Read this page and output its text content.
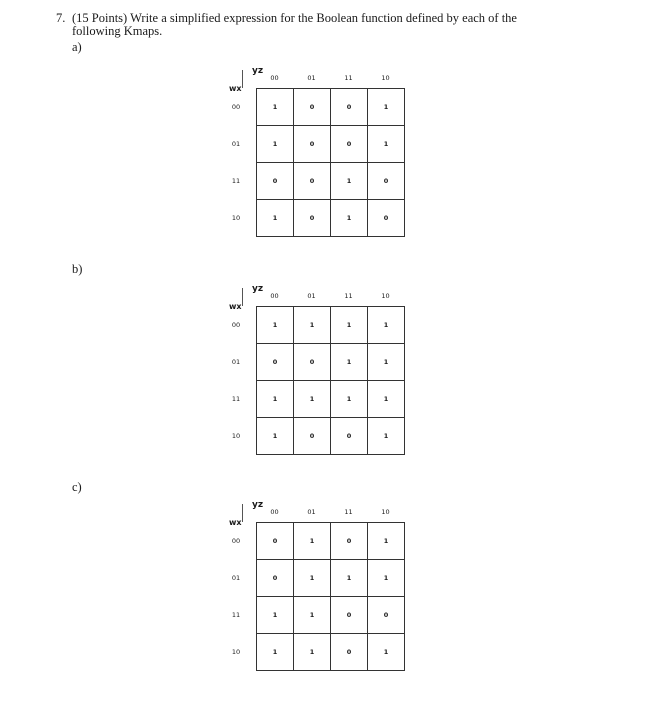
7. (15 Points) Write a simplified expression for the Boolean function defined by each of the
following Kmaps.
a)
yz
wx
00	01	11	10
00
01
11
10
1	0	0	1
1	0	0	1
0	0	1	0
1	0	1	0
b)
yz
wx
00	01	11	10
00
01
11
10
1	1	1	1
0	0	1	1
1	1	1	1
1	0	0	1
c)
yz
wx
00	01	11	10
00
01
11
10
0	1	0	1
0	1	1	1
1	1	0	0
1	1	0	1
